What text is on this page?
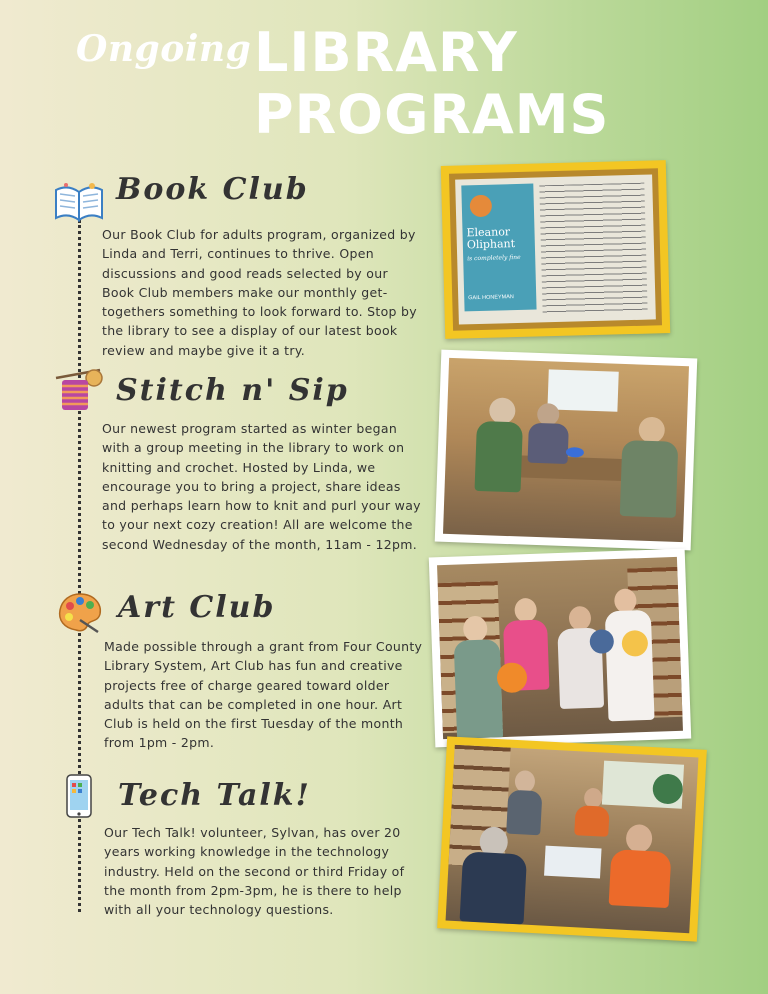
Ongoing LIBRARY
PROGRAMS
Book Club
Our Book Club for adults program, organized by Linda and Terri, continues to thrive. Open discussions and good reads selected by our Book Club members make our monthly get-togethers something to look forward to. Stop by the library to see a display of our latest book review and maybe give it a try.
Stitch n' Sip
Our newest program started as winter began with a group meeting in the library to work on knitting and crochet. Hosted by Linda, we encourage you to bring a project, share ideas and perhaps learn how to knit and purl your way to your next cozy creation! All are welcome the second Wednesday of the month, 11am - 12pm.
Art Club
Made possible through a grant from Four County Library System, Art Club has fun and creative projects free of charge geared toward older adults that can be completed in one hour. Art Club is held on the first Tuesday of the month from 1pm - 2pm.
Tech Talk!
Our Tech Talk! volunteer, Sylvan, has over 20 years working knowledge in the technology industry. Held on the second or third Friday of the month from 2pm-3pm, he is there to help with all your technology questions.
Eleanor Oliphant
is completely fine
GAIL HONEYMAN
